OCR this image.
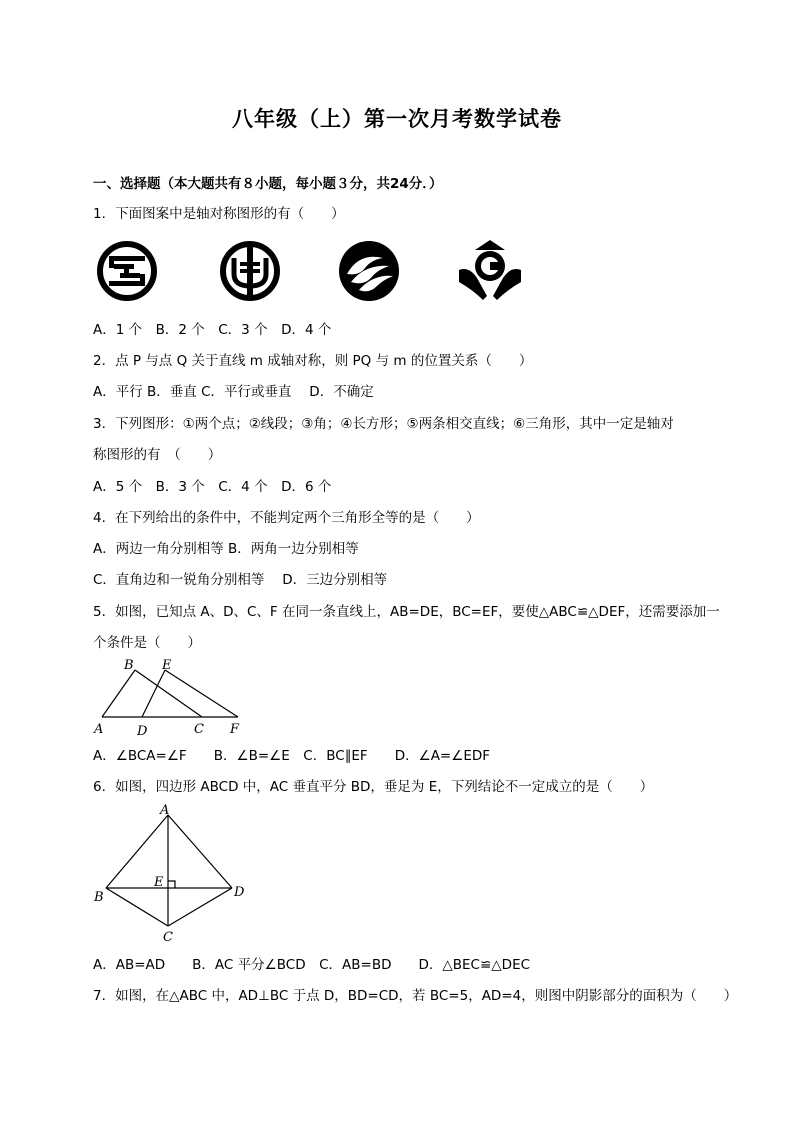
八年级（上）第一次月考数学试卷
一、选择题（本大题共有８小题，每小题３分，共24分．）
1．下面图案中是轴对称图形的有（　　）
A．1 个　B．2 个　C．3 个　D．4 个
2．点 P 与点 Q 关于直线 m 成轴对称，则 PQ 与 m 的位置关系（　　）
A．平行 B．垂直 C．平行或垂直　 D．不确定
3．下列图形：①两个点；②线段；③角；④长方形；⑤两条相交直线；⑥三角形，其中一定是轴对
称图形的有　（　　）
A．5 个　B．3 个　C．4 个　D．6 个
4．在下列给出的条件中，不能判定两个三角形全等的是（　　）
A．两边一角分别相等 B．两角一边分别相等
C．直角边和一锐角分别相等　 D．三边分别相等
5．如图，已知点 A、D、C、F 在同一条直线上，AB=DE，BC=EF，要使△ABC≌△DEF，还需要添加一
个条件是（　　）
B E
A	D	C F
A．∠BCA=∠F　　B．∠B=∠E　C．BC∥EF　　D．∠A=∠EDF
6．如图，四边形 ABCD 中，AC 垂直平分 BD，垂足为 E，下列结论不一定成立的是（　　）
A
B
E
D
C
A．AB=AD　　B．AC 平分∠BCD　C．AB=BD　　D．△BEC≌△DEC
7．如图，在△ABC 中，AD⊥BC 于点 D，BD=CD，若 BC=5，AD=4，则图中阴影部分的面积为（　　）
